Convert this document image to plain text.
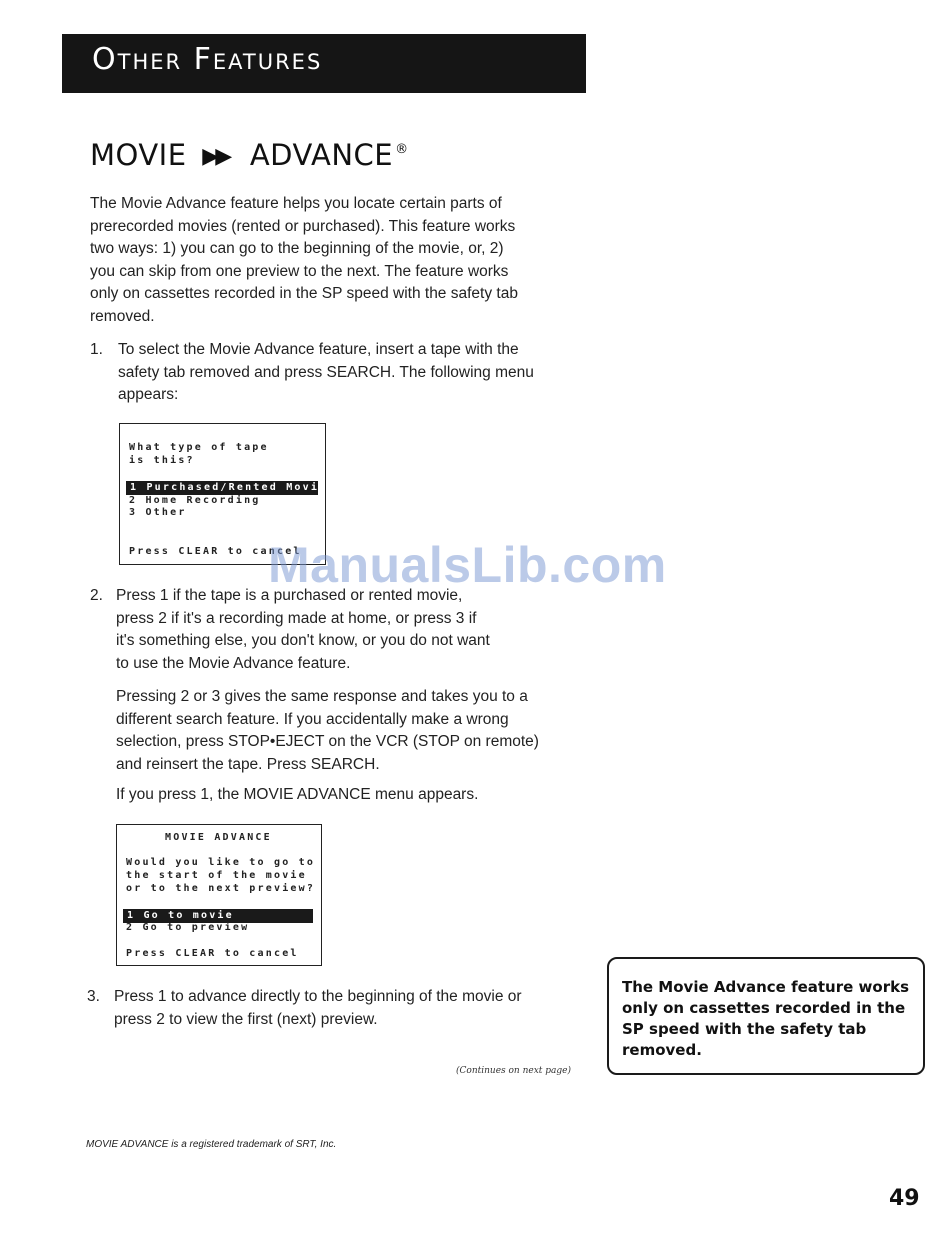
Other Features
MOVIE ▶▶ ADVANCE ®
The Movie Advance feature helps you locate certain parts of
prerecorded movies (rented or purchased). This feature works
two ways: 1) you can go to the beginning of the movie, or, 2)
you can skip from one preview to the next. The feature works
only on cassettes recorded in the SP speed with the safety tab
removed.
1. To select the Movie Advance feature, insert a tape with the
safety tab removed and press SEARCH. The following menu
appears:
What type of tape
is this?
1 Purchased/Rented Movie
2 Home Recording
3 Other
Press CLEAR to cancel
ManualsLib.com
2. Press 1 if the tape is a purchased or rented movie,
press 2 if it's a recording made at home, or press 3 if
it's something else, you don't know, or you do not want
to use the Movie Advance feature.
Pressing 2 or 3 gives the same response and takes you to a
different search feature. If you accidentally make a wrong
selection, press STOP•EJECT on the VCR (STOP on remote)
and reinsert the tape. Press SEARCH.
If you press 1, the MOVIE ADVANCE menu appears.
MOVIE ADVANCE
Would you like to go to
the start of the movie
or to the next preview?
1 Go to movie
2 Go to preview
Press CLEAR to cancel
3. Press 1 to advance directly to the beginning of the movie or
press 2 to view the first (next) preview.

The Movie Advance feature works only on cassettes recorded in the SP speed with the safety tab removed.

(Continues on next page)
MOVIE ADVANCE is a registered trademark of SRT, Inc.
49
